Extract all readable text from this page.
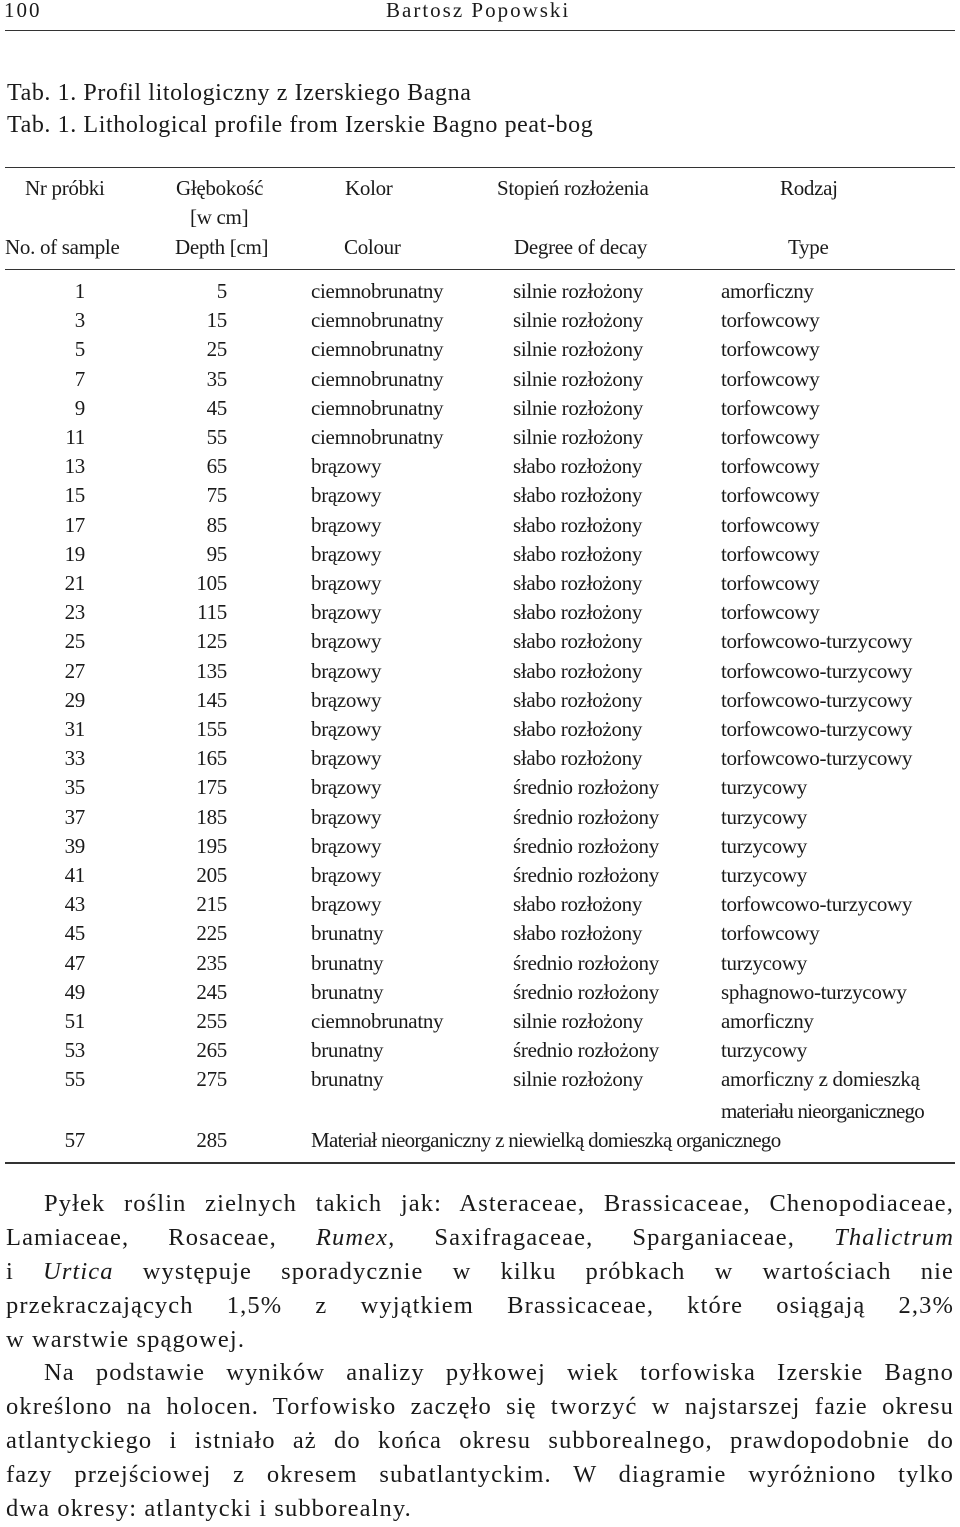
100	Bartosz Popowski
Tab. 1. Profil litologiczny z Izerskiego Bagna
Tab. 1. Lithological profile from Izerskie Bagno peat-bog
Nr próbki	Głębokość	Kolor	Stopień rozłożenia	Rodzaj
[w cm]
No. of sample	Depth [cm]	Colour	Degree of decay	Type
1	5	ciemnobrunatny	silnie rozłożony	amorficzny
3	15	ciemnobrunatny	silnie rozłożony	torfowcowy
5	25	ciemnobrunatny	silnie rozłożony	torfowcowy
7	35	ciemnobrunatny	silnie rozłożony	torfowcowy
9	45	ciemnobrunatny	silnie rozłożony	torfowcowy
11	55	ciemnobrunatny	silnie rozłożony	torfowcowy
13	65	brązowy	słabo rozłożony	torfowcowy
15	75	brązowy	słabo rozłożony	torfowcowy
17	85	brązowy	słabo rozłożony	torfowcowy
19	95	brązowy	słabo rozłożony	torfowcowy
21	105	brązowy	słabo rozłożony	torfowcowy
23	115	brązowy	słabo rozłożony	torfowcowy
25	125	brązowy	słabo rozłożony	torfowcowo-turzycowy
27	135	brązowy	słabo rozłożony	torfowcowo-turzycowy
29	145	brązowy	słabo rozłożony	torfowcowo-turzycowy
31	155	brązowy	słabo rozłożony	torfowcowo-turzycowy
33	165	brązowy	słabo rozłożony	torfowcowo-turzycowy
35	175	brązowy	średnio rozłożony	turzycowy
37	185	brązowy	średnio rozłożony	turzycowy
39	195	brązowy	średnio rozłożony	turzycowy
41	205	brązowy	średnio rozłożony	turzycowy
43	215	brązowy	słabo rozłożony	torfowcowo-turzycowy
45	225	brunatny	słabo rozłożony	torfowcowy
47	235	brunatny	średnio rozłożony	turzycowy
49	245	brunatny	średnio rozłożony	sphagnowo-turzycowy
51	255	ciemnobrunatny	silnie rozłożony	amorficzny
53	265	brunatny	średnio rozłożony	turzycowy
55	275	brunatny	silnie rozłożony	amorficzny z domieszką
materiału nieorganicznego
57	285	Materiał nieorganiczny z niewielką domieszką organicznego
Pyłek roślin zielnych takich jak: Asteraceae, Brassicaceae, Chenopodiaceae,
Lamiaceae, Rosaceae, Rumex, Saxifragaceae, Sparganiaceae, Thalictrum
i Urtica występuje sporadycznie w kilku próbkach w wartościach nie
przekraczających 1,5% z wyjątkiem Brassicaceae, które osiągają 2,3%
w warstwie spągowej.
Na podstawie wyników analizy pyłkowej wiek torfowiska Izerskie Bagno
określono na holocen. Torfowisko zaczęło się tworzyć w najstarszej fazie okresu
atlantyckiego i istniało aż do końca okresu subborealnego, prawdopodobnie do
fazy przejściowej z okresem subatlantyckim. W diagramie wyróżniono tylko
dwa okresy: atlantycki i subborealny.
